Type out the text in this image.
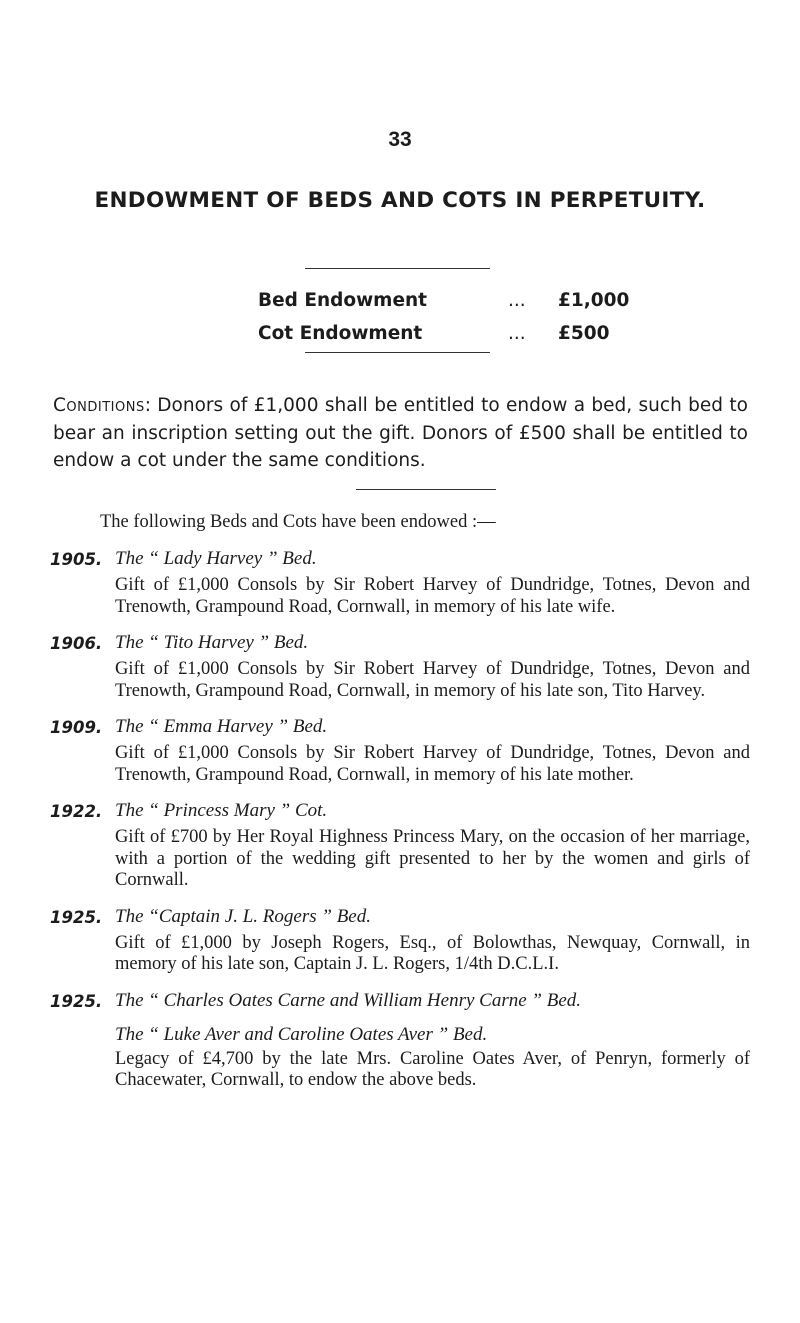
33
ENDOWMENT OF BEDS AND COTS IN PERPETUITY.
Bed Endowment	... £1,000
Cot Endowment	... £500
Conditions: Donors of £1,000 shall be entitled to endow a bed, such bed to bear an inscription setting out the gift. Donors of £500 shall be entitled to endow a cot under the same conditions.
The following Beds and Cots have been endowed :—
1905. The “ Lady Harvey ” Bed.
Gift of £1,000 Consols by Sir Robert Harvey of Dundridge, Totnes, Devon and Trenowth, Grampound Road, Cornwall, in memory of his late wife.
1906. The “ Tito Harvey ” Bed.
Gift of £1,000 Consols by Sir Robert Harvey of Dundridge, Totnes, Devon and Trenowth, Grampound Road, Cornwall, in memory of his late son, Tito Harvey.
1909. The “ Emma Harvey ” Bed.
Gift of £1,000 Consols by Sir Robert Harvey of Dundridge, Totnes, Devon and Trenowth, Grampound Road, Cornwall, in memory of his late mother.
1922. The “ Princess Mary ” Cot.
Gift of £700 by Her Royal Highness Princess Mary, on the occasion of her marriage, with a portion of the wedding gift presented to her by the women and girls of Cornwall.
1925. The “Captain J. L. Rogers ” Bed.
Gift of £1,000 by Joseph Rogers, Esq., of Bolowthas, Newquay, Cornwall, in memory of his late son, Captain J. L. Rogers, 1/4th D.C.L.I.
1925. The “ Charles Oates Carne and William Henry Carne ” Bed.
The “ Luke Aver and Caroline Oates Aver ” Bed.
Legacy of £4,700 by the late Mrs. Caroline Oates Aver, of Penryn, formerly of Chacewater, Cornwall, to endow the above beds.
